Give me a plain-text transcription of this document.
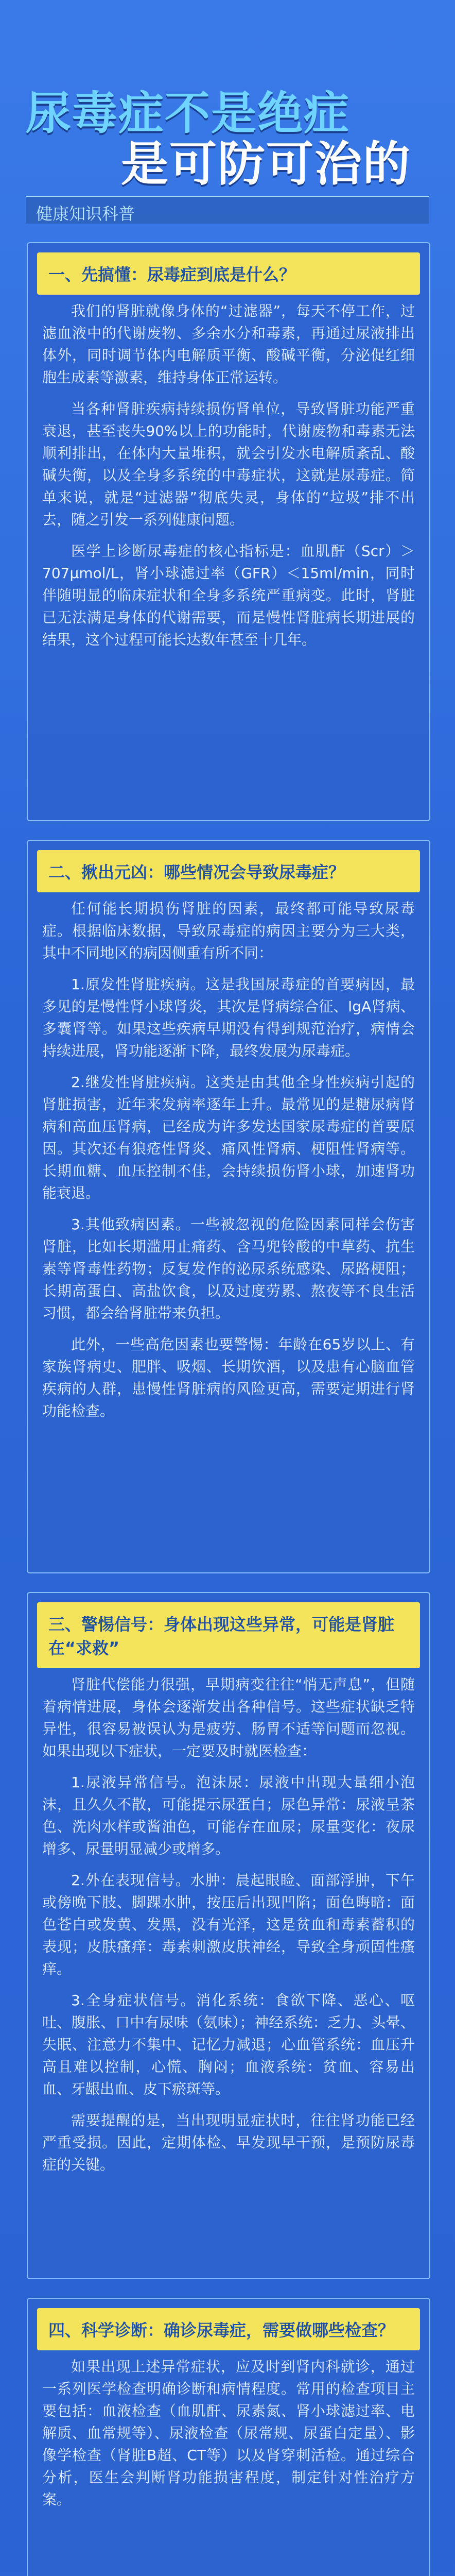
尿毒症不是绝症
是可防可治的
健康知识科普
一、先搞懂：尿毒症到底是什么？

我们的肾脏就像身体的“过滤器”，每天不停工作，过滤血液中的代谢废物、多余水分和毒素，再通过尿液排出体外，同时调节体内电解质平衡、酸碱平衡，分泌促红细胞生成素等激素，维持身体正常运转。

当各种肾脏疾病持续损伤肾单位，导致肾脏功能严重衰退，甚至丧失90%以上的功能时，代谢废物和毒素无法顺利排出，在体内大量堆积，就会引发水电解质紊乱、酸碱失衡，以及全身多系统的中毒症状，这就是尿毒症。简单来说，就是“过滤器”彻底失灵，身体的“垃圾”排不出去，随之引发一系列健康问题。

医学上诊断尿毒症的核心指标是：血肌酐（Scr）＞707μmol/L，肾小球滤过率（GFR）＜15ml/min，同时伴随明显的临床症状和全身多系统严重病变。此时，肾脏已无法满足身体的代谢需要，而是慢性肾脏病长期进展的结果，这个过程可能长达数年甚至十几年。

二、揪出元凶：哪些情况会导致尿毒症？

任何能长期损伤肾脏的因素，最终都可能导致尿毒症。根据临床数据，导致尿毒症的病因主要分为三大类，其中不同地区的病因侧重有所不同：

1.原发性肾脏疾病。这是我国尿毒症的首要病因，最多见的是慢性肾小球肾炎，其次是肾病综合征、IgA肾病、多囊肾等。如果这些疾病早期没有得到规范治疗，病情会持续进展，肾功能逐渐下降，最终发展为尿毒症。

2.继发性肾脏疾病。这类是由其他全身性疾病引起的肾脏损害，近年来发病率逐年上升。最常见的是糖尿病肾病和高血压肾病，已经成为许多发达国家尿毒症的首要原因。其次还有狼疮性肾炎、痛风性肾病、梗阻性肾病等。长期血糖、血压控制不佳，会持续损伤肾小球，加速肾功能衰退。

3.其他致病因素。一些被忽视的危险因素同样会伤害肾脏，比如长期滥用止痛药、含马兜铃酸的中草药、抗生素等肾毒性药物；反复发作的泌尿系统感染、尿路梗阻；长期高蛋白、高盐饮食，以及过度劳累、熬夜等不良生活习惯，都会给肾脏带来负担。

此外，一些高危因素也要警惕：年龄在65岁以上、有家族肾病史、肥胖、吸烟、长期饮酒，以及患有心脑血管疾病的人群，患慢性肾脏病的风险更高，需要定期进行肾功能检查。

三、警惕信号：身体出现这些异常，可能是肾脏在“求救”

肾脏代偿能力很强，早期病变往往“悄无声息”，但随着病情进展，身体会逐渐发出各种信号。这些症状缺乏特异性，很容易被误认为是疲劳、肠胃不适等问题而忽视。如果出现以下症状，一定要及时就医检查：

1.尿液异常信号。泡沫尿：尿液中出现大量细小泡沫，且久久不散，可能提示尿蛋白；尿色异常：尿液呈茶色、洗肉水样或酱油色，可能存在血尿；尿量变化：夜尿增多、尿量明显减少或增多。

2.外在表现信号。水肿：晨起眼睑、面部浮肿，下午或傍晚下肢、脚踝水肿，按压后出现凹陷；面色晦暗：面色苍白或发黄、发黑，没有光泽，这是贫血和毒素蓄积的表现；皮肤瘙痒：毒素刺激皮肤神经，导致全身顽固性瘙痒。

3.全身症状信号。消化系统：食欲下降、恶心、呕吐、腹胀、口中有尿味（氨味）；神经系统：乏力、头晕、失眠、注意力不集中、记忆力减退；心血管系统：血压升高且难以控制，心慌、胸闷；血液系统：贫血、容易出血、牙龈出血、皮下瘀斑等。

需要提醒的是，当出现明显症状时，往往肾功能已经严重受损。因此，定期体检、早发现早干预，是预防尿毒症的关键。

四、科学诊断：确诊尿毒症，需要做哪些检查？

如果出现上述异常症状，应及时到肾内科就诊，通过一系列医学检查明确诊断和病情程度。常用的检查项目主要包括：血液检查（血肌酐、尿素氮、肾小球滤过率、电解质、血常规等）、尿液检查（尿常规、尿蛋白定量）、影像学检查（肾脏B超、CT等）以及肾穿刺活检。通过综合分析，医生会判断肾功能损害程度，制定针对性治疗方案。
